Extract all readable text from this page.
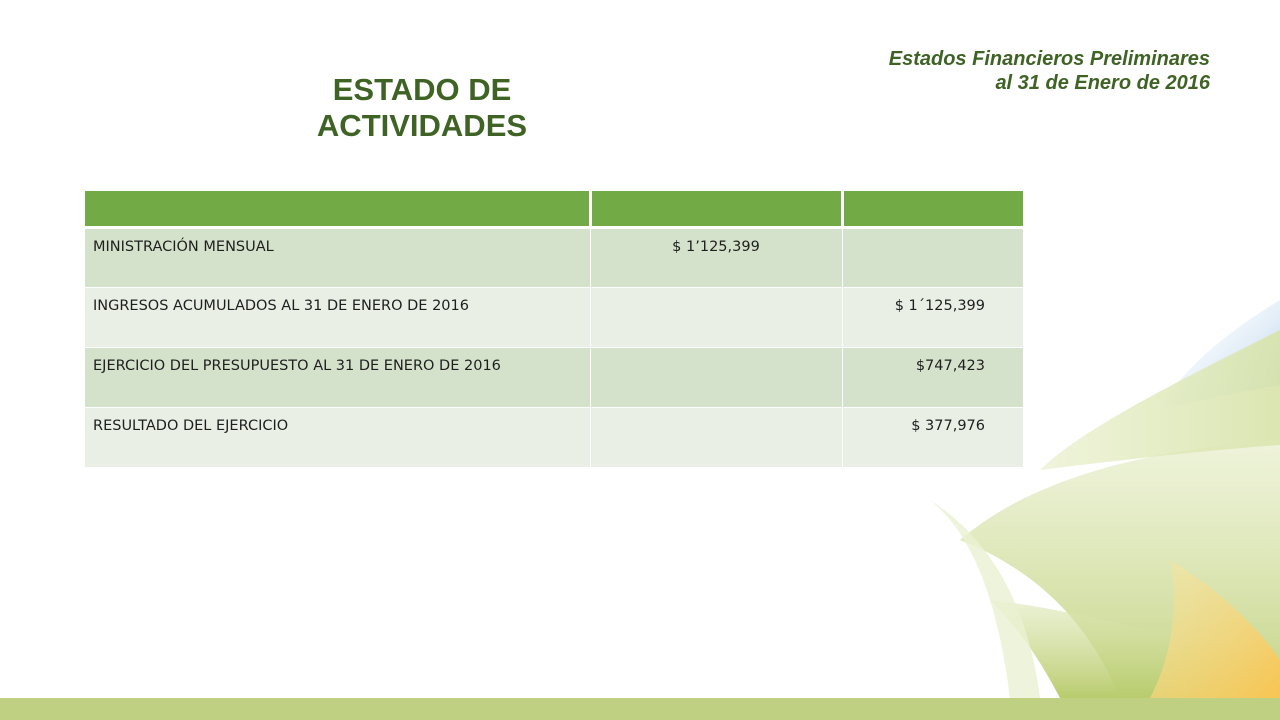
ESTADO DE
ACTIVIDADES
Estados Financieros Preliminares
al 31 de Enero de 2016

MINISTRACIÓN MENSUAL	$ 1’125,399	
INGRESOS ACUMULADOS AL 31 DE ENERO DE 2016		$ 1´125,399
EJERCICIO DEL PRESUPUESTO AL 31 DE ENERO DE 2016		$747,423
RESULTADO DEL EJERCICIO		$ 377,976
